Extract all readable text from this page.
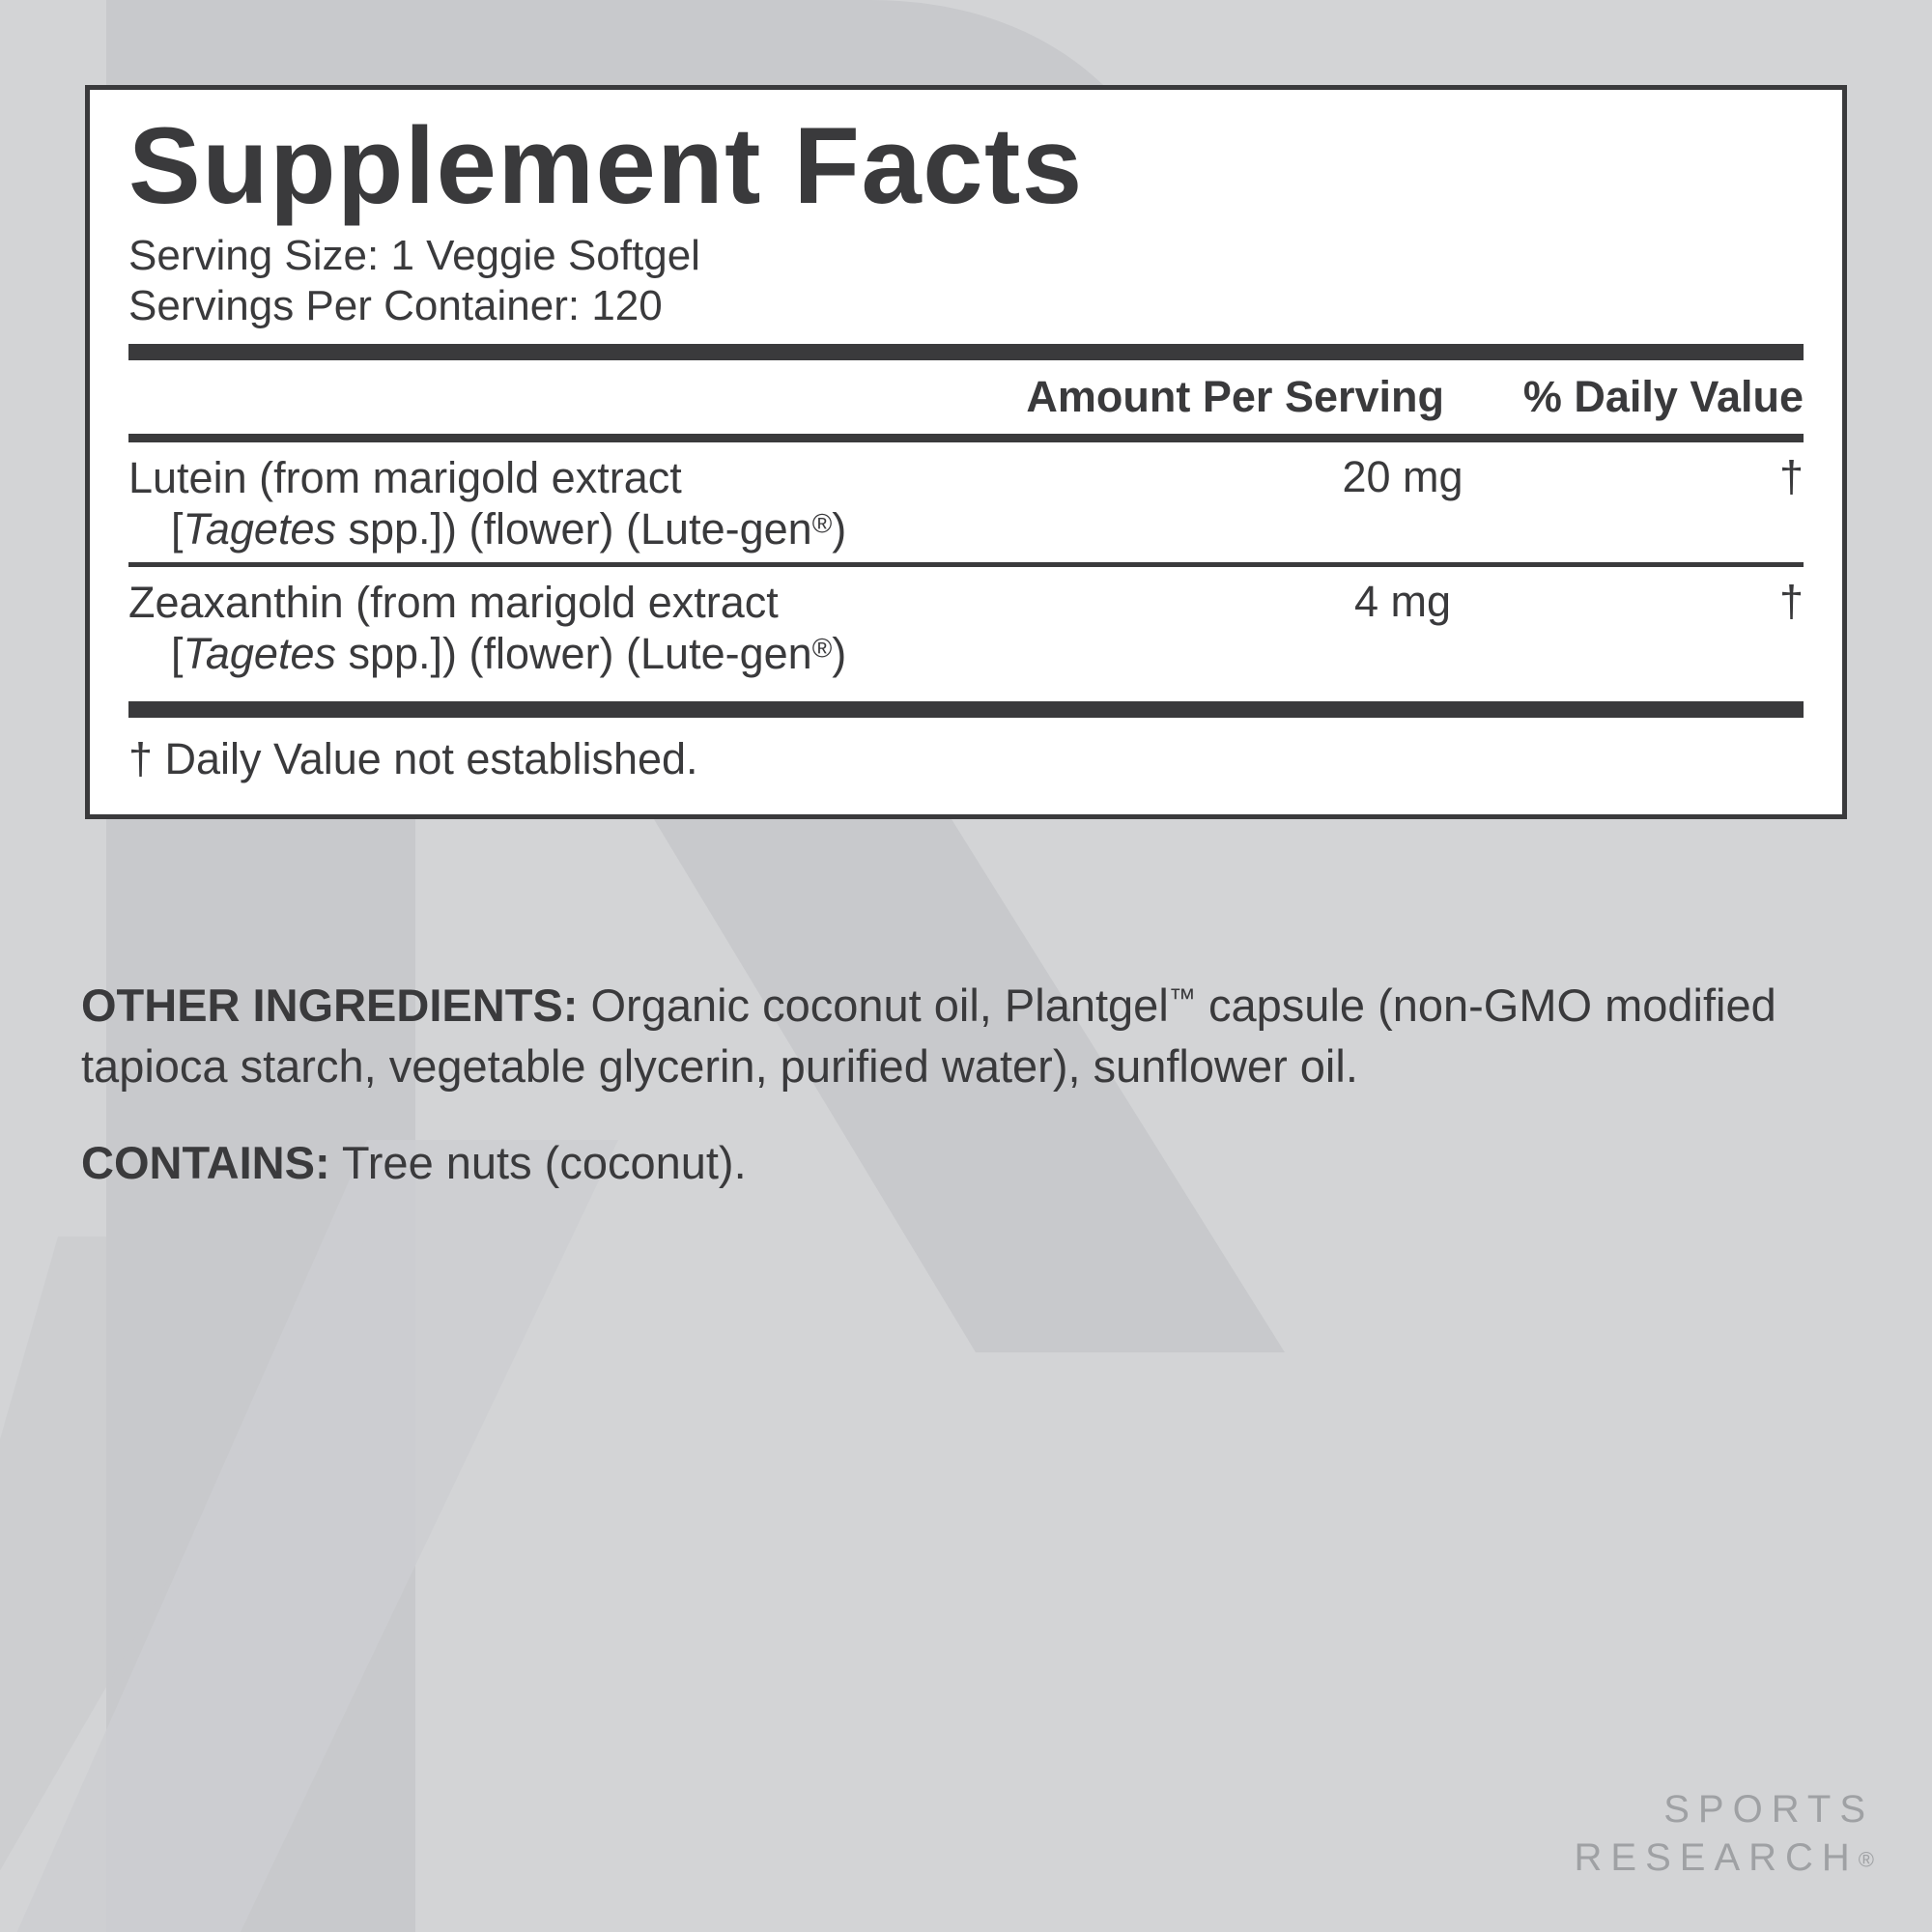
Supplement Facts
Serving Size: 1 Veggie Softgel
Servings Per Container: 120
Amount Per Serving	% Daily Value
Lutein (from marigold extract
[Tagetes spp.]) (flower) (Lute-gen®)
20 mg	†
Zeaxanthin (from marigold extract
[Tagetes spp.]) (flower) (Lute-gen®)
4 mg	†
† Daily Value not established.

OTHER INGREDIENTS: Organic coconut oil, Plantgel™ capsule (non-GMO modified tapioca starch, vegetable glycerin, purified water), sunflower oil.

CONTAINS: Tree nuts (coconut).

SPORTS
RESEARCH®
